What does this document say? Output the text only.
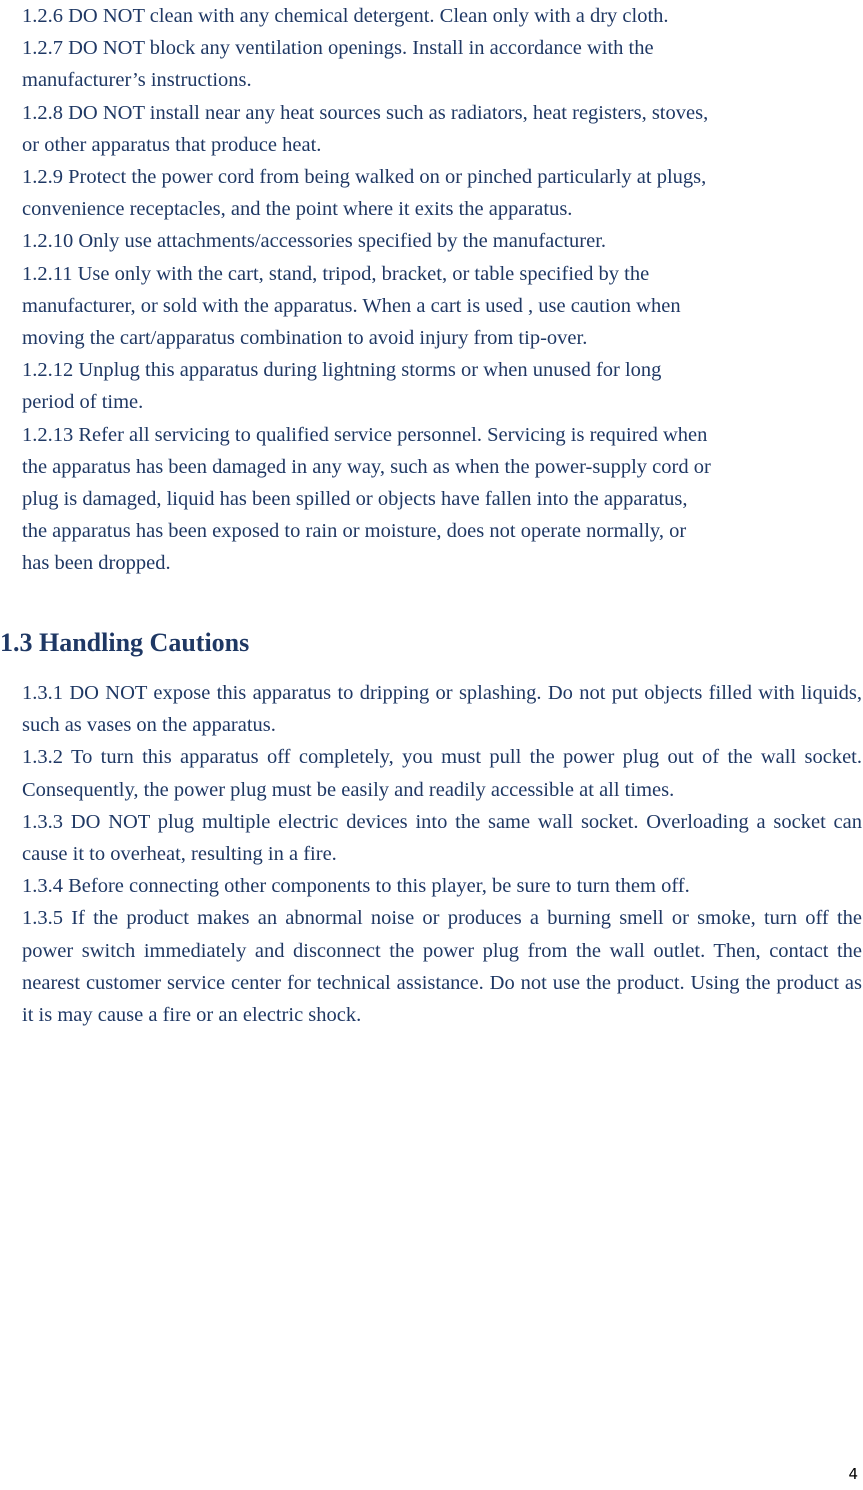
1.2.6 DO NOT clean with any chemical detergent. Clean only with a dry cloth.

1.2.7 DO NOT block any ventilation openings. Install in accordance with the

manufacturer’s instructions.

1.2.8 DO NOT install near any heat sources such as radiators, heat registers, stoves,

or other apparatus that produce heat.

1.2.9 Protect the power cord from being walked on or pinched particularly at plugs,

convenience receptacles, and the point where it exits the apparatus.

1.2.10 Only use attachments/accessories specified by the manufacturer.

1.2.11 Use only with the cart, stand, tripod, bracket, or table specified by the

manufacturer, or sold with the apparatus. When a cart is used , use caution when

moving the cart/apparatus combination to avoid injury from tip-over.

1.2.12 Unplug this apparatus during lightning storms or when unused for long

period of time.

1.2.13 Refer all servicing to qualified service personnel. Servicing is required when

the apparatus has been damaged in any way, such as when the power-supply cord or

plug is damaged, liquid has been spilled or objects have fallen into the apparatus,

the apparatus has been exposed to rain or moisture, does not operate normally, or

has been dropped.

1.3 Handling Cautions

1.3.1 DO NOT expose this apparatus to dripping or splashing. Do not put objects filled with liquids, such as vases on the apparatus.

1.3.2 To turn this apparatus off completely, you must pull the power plug out of the wall socket. Consequently, the power plug must be easily and readily accessible at all times.

1.3.3 DO NOT plug multiple electric devices into the same wall socket. Overloading a socket can cause it to overheat, resulting in a fire.

1.3.4 Before connecting other components to this player, be sure to turn them off.

1.3.5 If the product makes an abnormal noise or produces a burning smell or smoke, turn off the power switch immediately and disconnect the power plug from the wall outlet. Then, contact the nearest customer service center for technical assistance. Do not use the product. Using the product as it is may cause a fire or an electric shock.

4
